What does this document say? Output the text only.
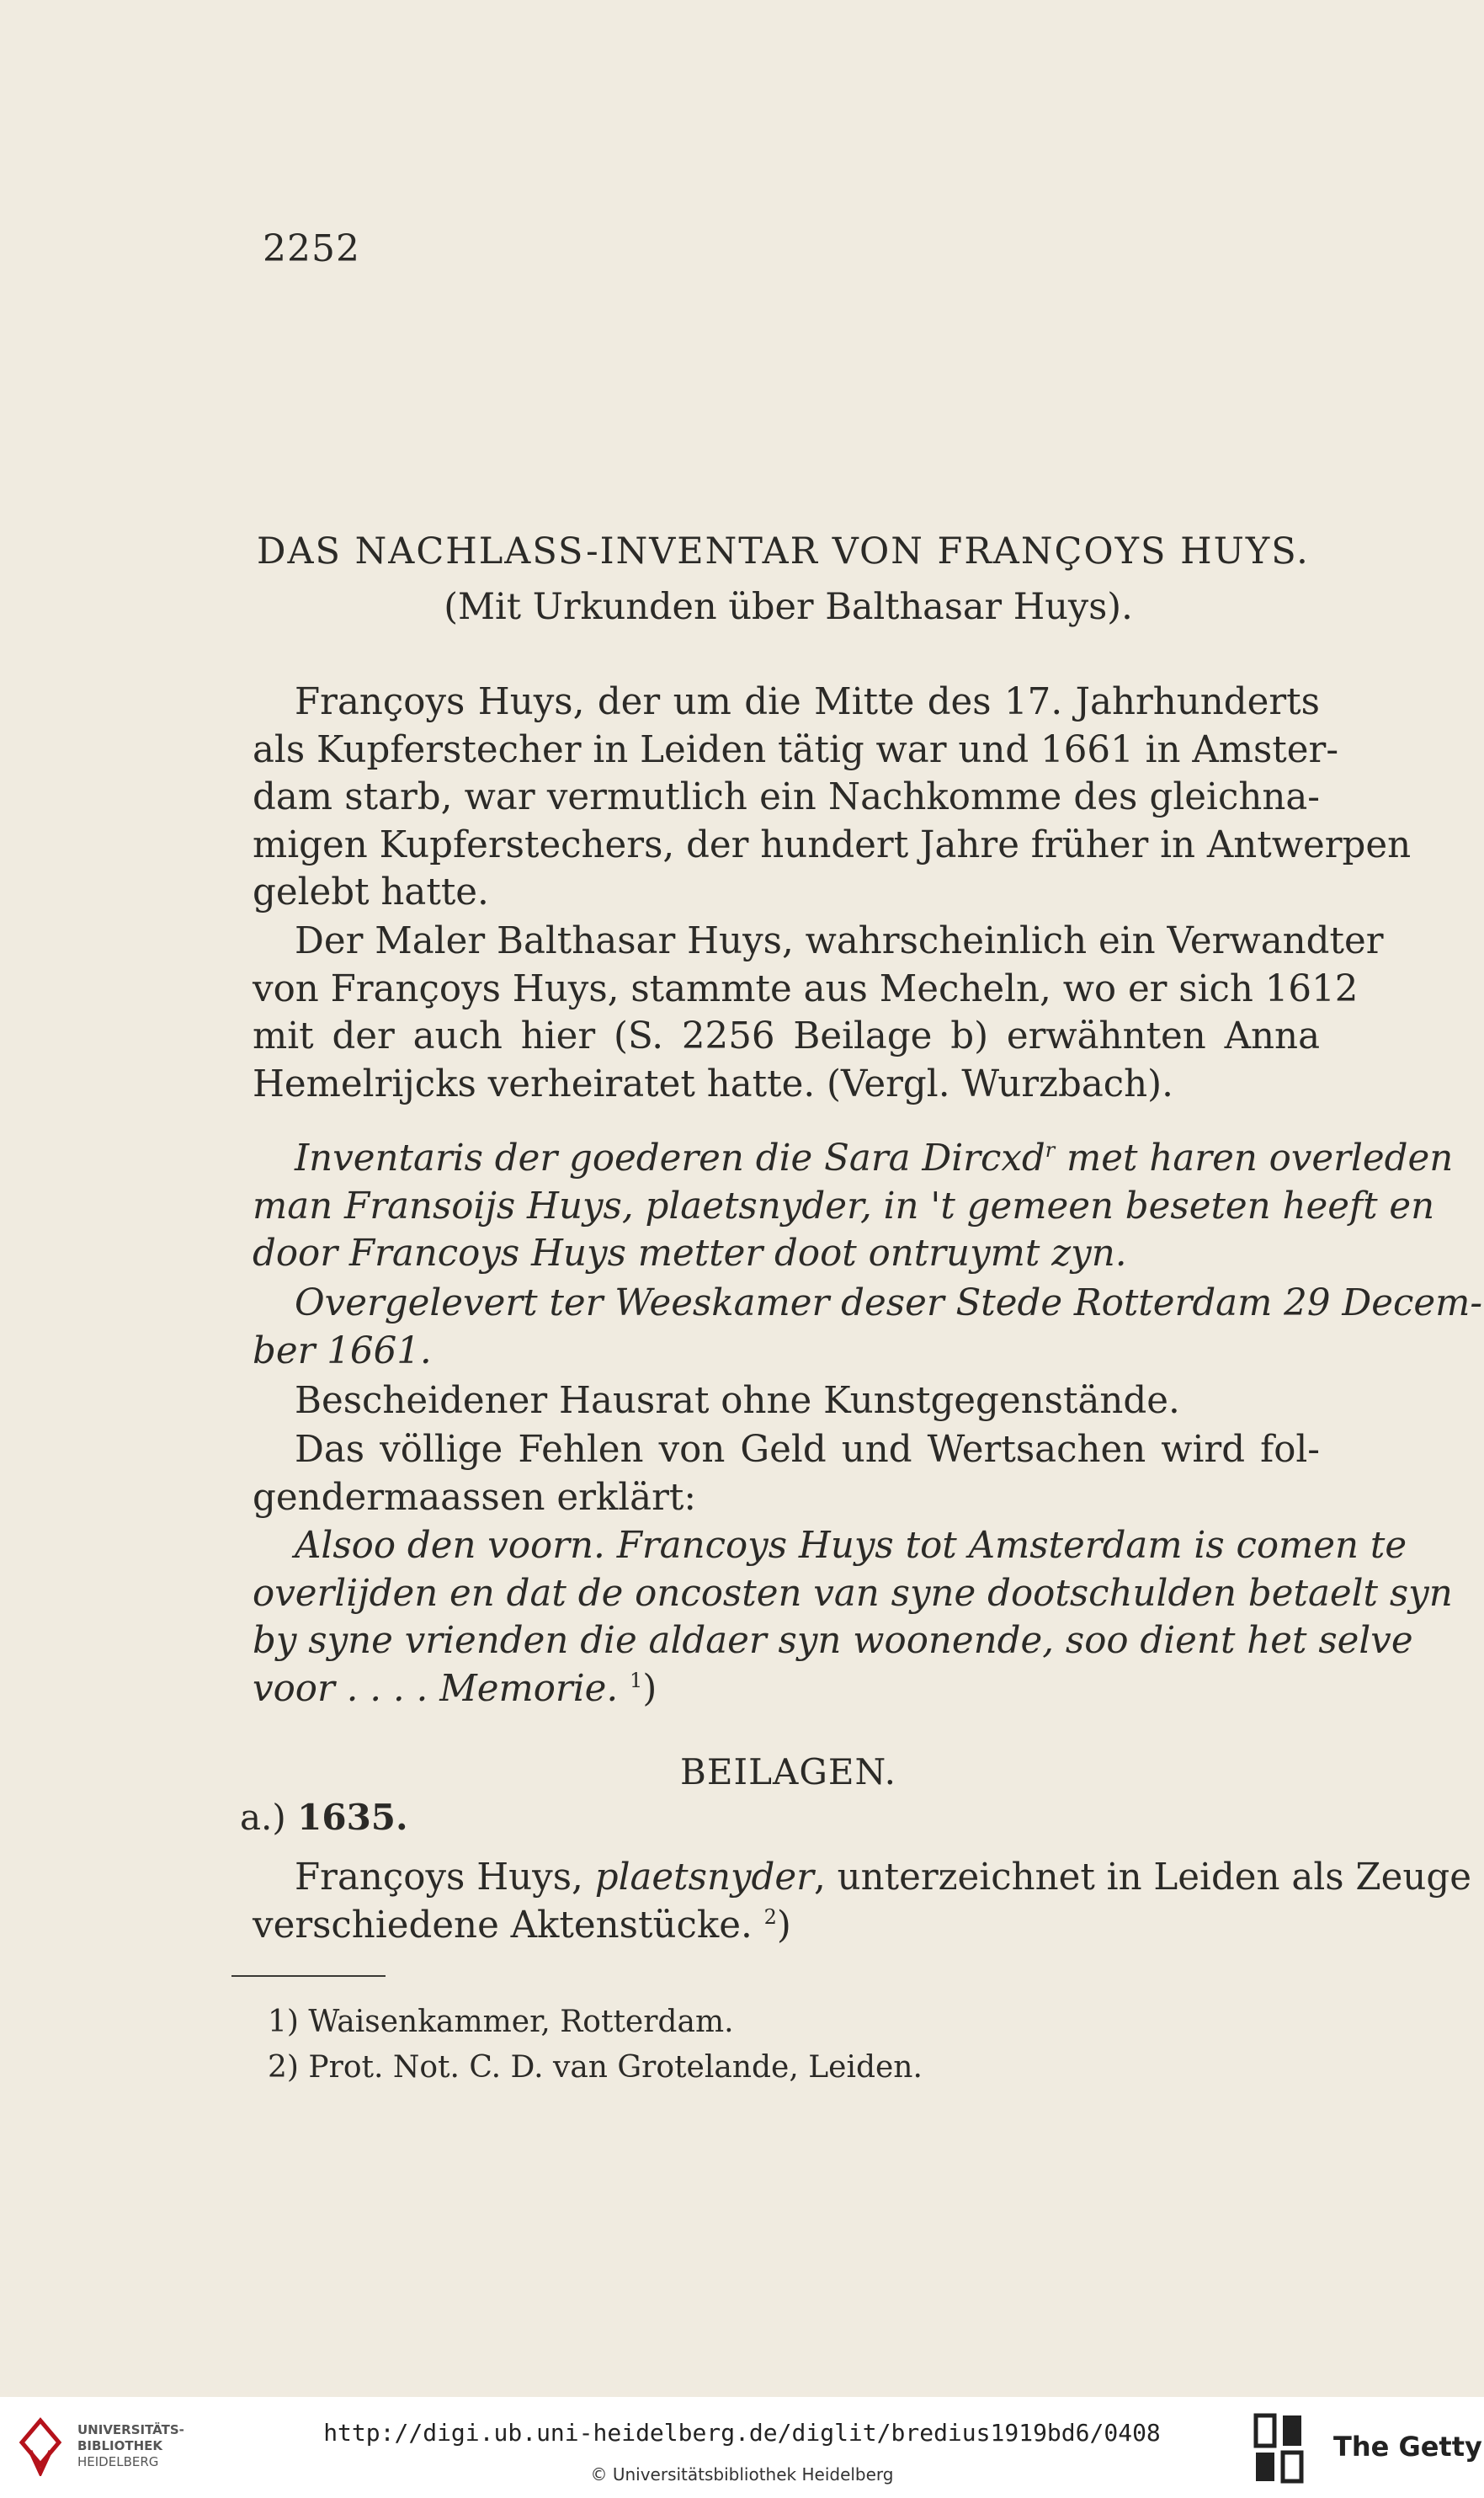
2252
DAS NACHLASS-INVENTAR VON FRANÇOYS HUYS.
(Mit Urkunden über Balthasar Huys).
Françoys Huys, der um die Mitte des 17. Jahrhunderts
als Kupferstecher in Leiden tätig war und 1661 in Amster-
dam starb, war vermutlich ein Nachkomme des gleichna-
migen Kupferstechers, der hundert Jahre früher in Antwerpen
gelebt hatte.
Der Maler Balthasar Huys, wahrscheinlich ein Verwandter
von Françoys Huys, stammte aus Mecheln, wo er sich 1612
mit der auch hier (S. 2256 Beilage b) erwähnten Anna
Hemelrijcks verheiratet hatte. (Vergl. Wurzbach).
Inventaris der goederen die Sara Dircxd$^r$ met haren overleden
man Fransoijs Huys, plaetsnyder, in 't gemeen beseten heeft en
door Francoys Huys metter doot ontruymt zyn.
Overgelevert ter Weeskamer deser Stede Rotterdam 29 Decem-
ber 1661.
Bescheidener Hausrat ohne Kunstgegenstände.
Das völlige Fehlen von Geld und Wertsachen wird fol-
gendermaassen erklärt:
Alsoo den voorn. Francoys Huys tot Amsterdam is comen te
overlijden en dat de oncosten van syne dootschulden betaelt syn
by syne vrienden die aldaer syn woonende, soo dient het selve
voor . . . . Memorie. $^1$)
BEILAGEN.
a.) 1635.
Françoys Huys, plaetsnyder, unterzeichnet in Leiden als Zeuge
verschiedene Aktenstücke. $^2$)
1) Waisenkammer, Rotterdam.
2) Prot. Not. C. D. van Grotelande, Leiden.
UNIVERSITÄTS-
BIBLIOTHEK
HEIDELBERG
http://digi.ub.uni-heidelberg.de/diglit/bredius1919bd6/0408
© Universitätsbibliothek Heidelberg
The Getty
